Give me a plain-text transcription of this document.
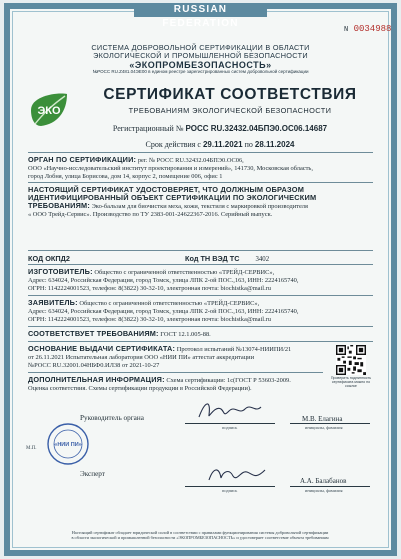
RUSSIAN FEDERATION
N 0034988
СИСТЕМА ДОБРОВОЛЬНОЙ СЕРТИФИКАЦИИ В ОБЛАСТИ
ЭКОЛОГИЧЕСКОЙ И ПРОМЫШЛЕННОЙ БЕЗОПАСНОСТИ
«ЭКОПРОМБЕЗОПАСНОСТЬ»
№РОСС RU.Z481.04ЭЕ00 в едином реестре зарегистрированных систем добровольной сертификации
ЭКО
СЕРТИФИКАТ СООТВЕТСТВИЯ
ТРЕБОВАНИЯМ ЭКОЛОГИЧЕСКОЙ БЕЗОПАСНОСТИ
Регистрационный № РОСС RU.32432.04БПЭ0.ОС06.14687
Срок действия с 29.11.2021 по 28.11.2024
ОРГАН ПО СЕРТИФИКАЦИИ: рег. № РОСС RU.32432.04БПЭ0.ОС06,
ООО «Научно-исследовательский институт проектирования и измерений», 141730, Московская область,
город Лобня, улица Борисова, дом 14, корпус 2, помещение 006, офис 1
НАСТОЯЩИЙ СЕРТИФИКАТ УДОСТОВЕРЯЕТ, ЧТО ДОЛЖНЫМ ОБРАЗОМ
ИДЕНТИФИЦИРОВАННЫЙ ОБЪЕКТ СЕРТИФИКАЦИИ ПО ЭКОЛОГИЧЕСКИМ
ТРЕБОВАНИЯМ: Эко-бальзам для биочистки меха, кожи, текстиля с маркировкой производителя
« ООО Трейд-Сервис». Производство по ТУ 2383-001-24622367-2016. Серийный выпуск.
КОД ОКПД2	Код ТН ВЭД ТС 3402
ИЗГОТОВИТЕЛЬ: Общество с ограниченной ответственностью «ТРЕЙД-СЕРВИС»,
Адрес: 634024, Российская Федерация, город Томск, улица ЛПК 2-ой ПОС.,163, ИНН: 2224165740,
ОГРН: 1142224001523, телефон: 8(3822) 30-32-10, электронная почта: biochistka@mail.ru
ЗАЯВИТЕЛЬ: Общество с ограниченной ответственностью «ТРЕЙД-СЕРВИС»,
Адрес: 634024, Российская Федерация, город Томск, улица ЛПК 2-ой ПОС.,163, ИНН: 2224165740,
ОГРН: 1142224001523, телефон: 8(3822) 30-32-10, электронная почта: biochistka@mail.ru
СООТВЕТСТВУЕТ ТРЕБОВАНИЯМ: ГОСТ 12.1.005-88.
ОСНОВАНИЕ ВЫДАЧИ СЕРТИФИКАТА: Протокол испытаний №13074-НИИПИ/21
от 26.11.2021 Испытательная лаборатория ООО «НИИ ПИ» аттестат аккредитации
№РОСС RU.32001.04НБФ0.ИЛ38 от 2021-10-27
ДОПОЛНИТЕЛЬНАЯ ИНФОРМАЦИЯ: Схема сертификации: 1с(ГОСТ Р 53603-2009.
Оценка соответствия. Схемы сертификации продукции в Российской Федерации).
Проверить подлинность сертификата можно по ссылке
Руководитель органа	М.В. Елагина
подпись	инициалы, фамилия
«НИИ ПИ»
М.П.
Эксперт
А.А. Балабанов
подпись	инициалы, фамилия
Настоящий сертификат обладает юридической силой в соответствии с правилами функционирования системы добровольной сертификации
в области экологической и промышленной безопасности «ЭКОПРОМБЕЗОПАСНОСТЬ» и удостоверяет соответствие объекта требованиям
